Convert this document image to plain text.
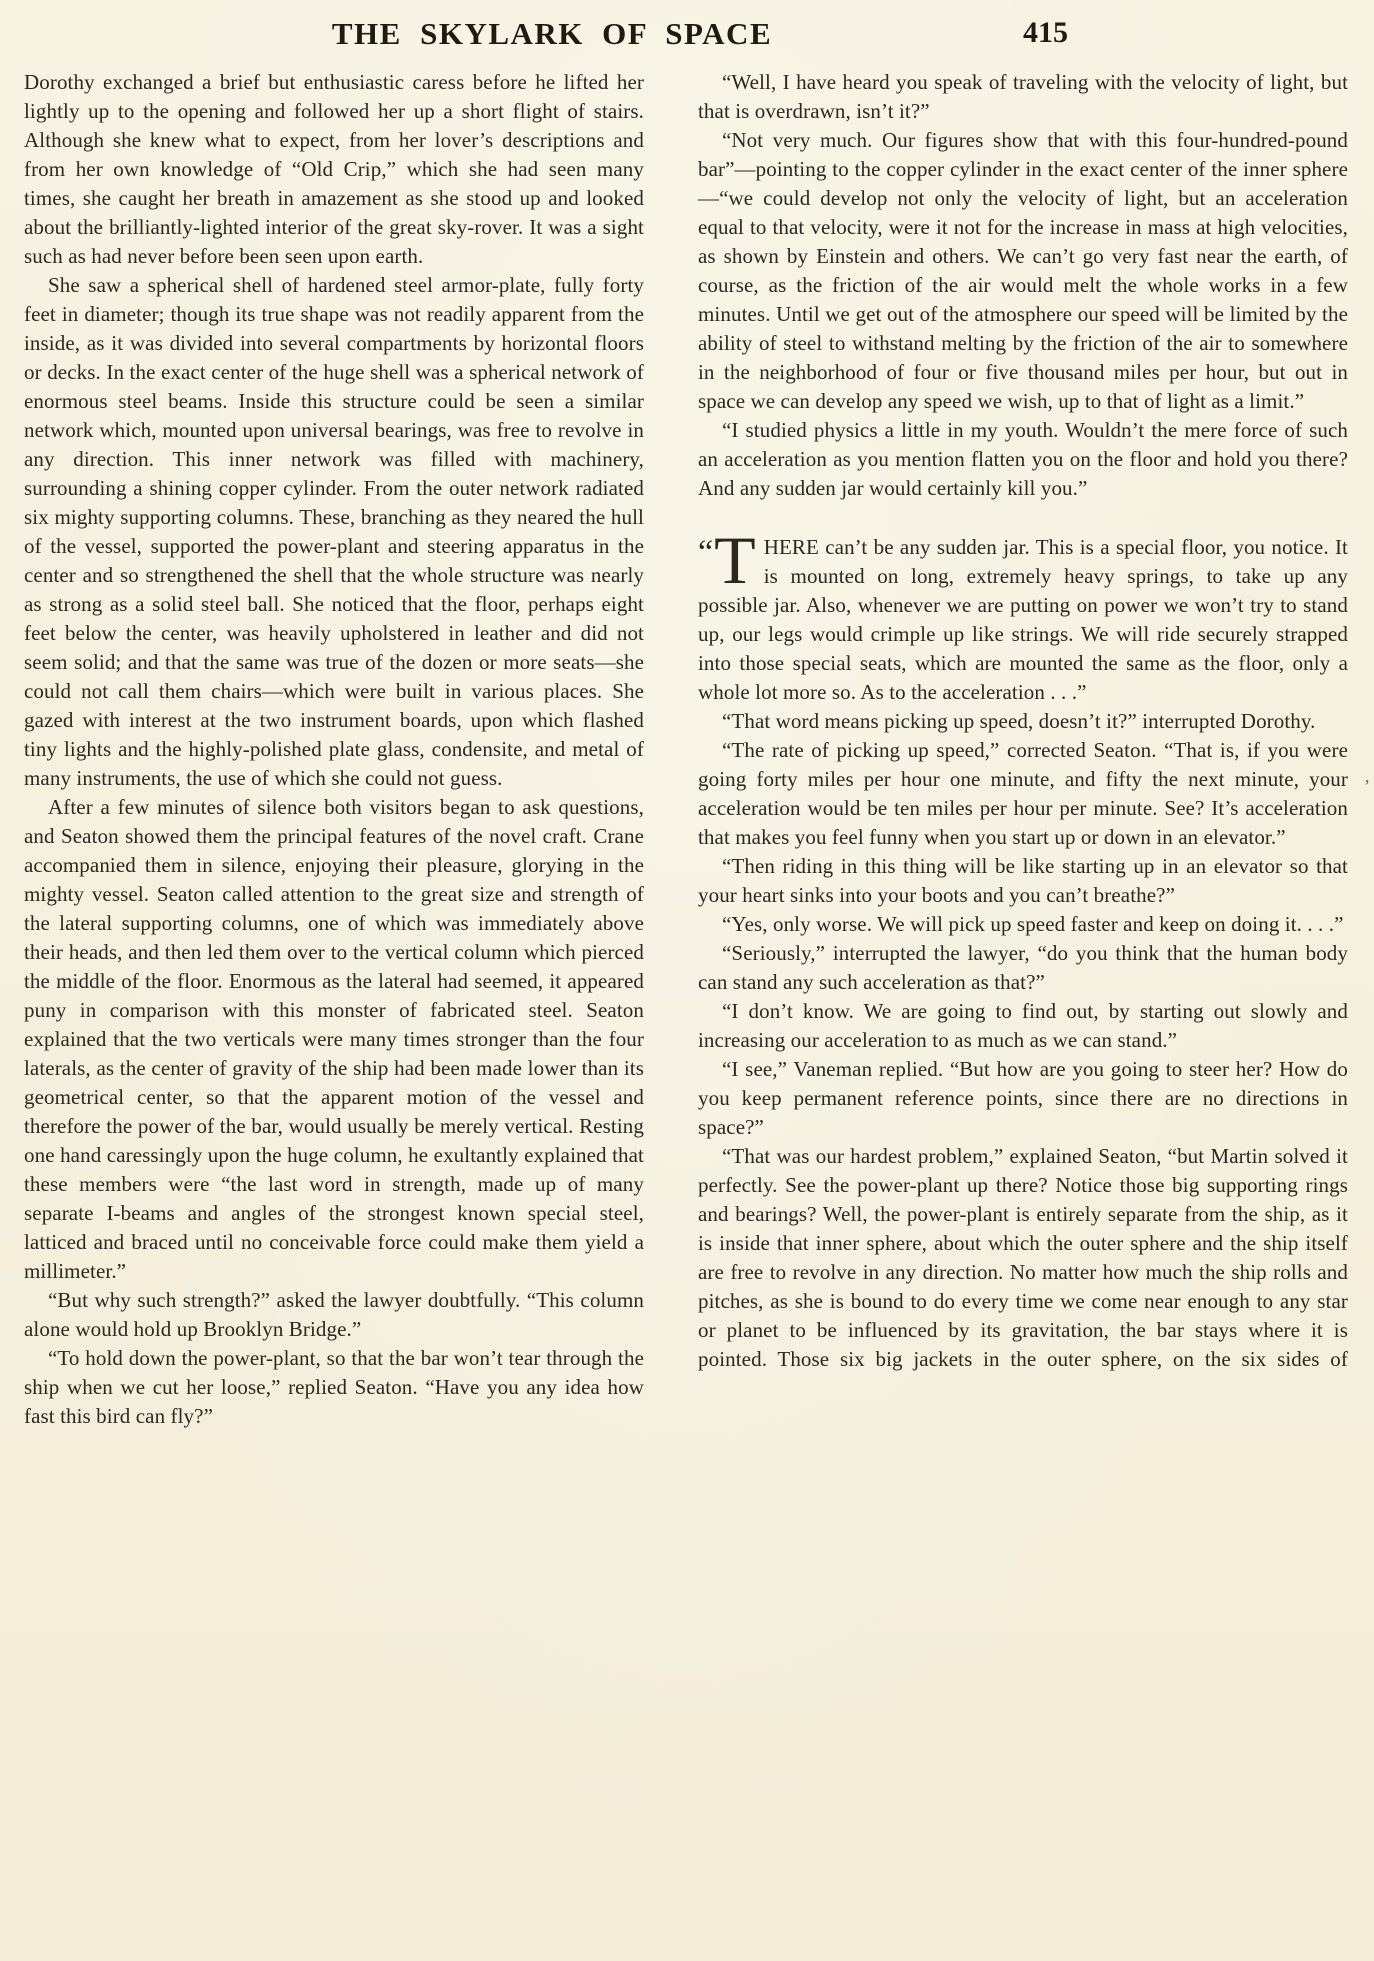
THE SKYLARK OF SPACE	415

Dorothy exchanged a brief but enthusiastic caress before he lifted her lightly up to the opening and followed her up a short flight of stairs. Although she knew what to expect, from her lover’s descriptions and from her own knowledge of “Old Crip,” which she had seen many times, she caught her breath in amazement as she stood up and looked about the brilliantly-lighted interior of the great sky-rover. It was a sight such as had never before been seen upon earth.

She saw a spherical shell of hardened steel armor-plate, fully forty feet in diameter; though its true shape was not readily apparent from the inside, as it was divided into several compartments by horizontal floors or decks. In the exact center of the huge shell was a spherical network of enormous steel beams. Inside this structure could be seen a similar network which, mounted upon universal bearings, was free to revolve in any direction. This inner network was filled with machinery, surrounding a shining copper cylinder. From the outer network radiated six mighty supporting columns. These, branching as they neared the hull of the vessel, supported the power-plant and steering apparatus in the center and so strengthened the shell that the whole structure was nearly as strong as a solid steel ball. She noticed that the floor, perhaps eight feet below the center, was heavily upholstered in leather and did not seem solid; and that the same was true of the dozen or more seats—she could not call them chairs—which were built in various places. She gazed with interest at the two instrument boards, upon which flashed tiny lights and the highly-polished plate glass, condensite, and metal of many instruments, the use of which she could not guess.

After a few minutes of silence both visitors began to ask questions, and Seaton showed them the principal features of the novel craft. Crane accompanied them in silence, enjoying their pleasure, glorying in the mighty vessel. Seaton called attention to the great size and strength of the lateral supporting columns, one of which was immediately above their heads, and then led them over to the vertical column which pierced the middle of the floor. Enormous as the lateral had seemed, it appeared puny in comparison with this monster of fabricated steel. Seaton explained that the two verticals were many times stronger than the four laterals, as the center of gravity of the ship had been made lower than its geometrical center, so that the apparent motion of the vessel and therefore the power of the bar, would usually be merely vertical. Resting one hand caressingly upon the huge column, he exultantly explained that these members were “the last word in strength, made up of many separate I-beams and angles of the strongest known special steel, latticed and braced until no conceivable force could make them yield a millimeter.”

“But why such strength?” asked the lawyer doubtfully. “This column alone would hold up Brooklyn Bridge.”

“To hold down the power-plant, so that the bar won’t tear through the ship when we cut her loose,” replied Seaton. “Have you any idea how fast this bird can fly?”

“Well, I have heard you speak of traveling with the velocity of light, but that is overdrawn, isn’t it?”

“Not very much. Our figures show that with this four-hundred-pound bar”—pointing to the copper cylinder in the exact center of the inner sphere—“we could develop not only the velocity of light, but an acceleration equal to that velocity, were it not for the increase in mass at high velocities, as shown by Einstein and others. We can’t go very fast near the earth, of course, as the friction of the air would melt the whole works in a few minutes. Until we get out of the atmosphere our speed will be limited by the ability of steel to withstand melting by the friction of the air to somewhere in the neighborhood of four or five thousand miles per hour, but out in space we can develop any speed we wish, up to that of light as a limit.”

“I studied physics a little in my youth. Wouldn’t the mere force of such an acceleration as you mention flatten you on the floor and hold you there? And any sudden jar would certainly kill you.”

“T HERE can’t be any sudden jar. This is a special floor, you notice. It is mounted on long, extremely heavy springs, to take up any possible jar. Also, whenever we are putting on power we won’t try to stand up, our legs would crimple up like strings. We will ride securely strapped into those special seats, which are mounted the same as the floor, only a whole lot more so. As to the acceleration . . .”

“That word means picking up speed, doesn’t it?” interrupted Dorothy.

“The rate of picking up speed,” corrected Seaton. “That is, if you were going forty miles per hour one minute, and fifty the next minute, your acceleration would be ten miles per hour per minute. See? It’s acceleration that makes you feel funny when you start up or down in an elevator.”

“Then riding in this thing will be like starting up in an elevator so that your heart sinks into your boots and you can’t breathe?”

“Yes, only worse. We will pick up speed faster and keep on doing it. . . .”

“Seriously,” interrupted the lawyer, “do you think that the human body can stand any such acceleration as that?”

“I don’t know. We are going to find out, by starting out slowly and increasing our acceleration to as much as we can stand.”

“I see,” Vaneman replied. “But how are you going to steer her? How do you keep permanent reference points, since there are no directions in space?”

“That was our hardest problem,” explained Seaton, “but Martin solved it perfectly. See the power-plant up there? Notice those big supporting rings and bearings? Well, the power-plant is entirely separate from the ship, as it is inside that inner sphere, about which the outer sphere and the ship itself are free to revolve in any direction. No matter how much the ship rolls and pitches, as she is bound to do every time we come near enough to any star or planet to be influenced by its gravitation, the bar stays where it is pointed. Those six big jackets in the outer sphere, on the six sides of

’
